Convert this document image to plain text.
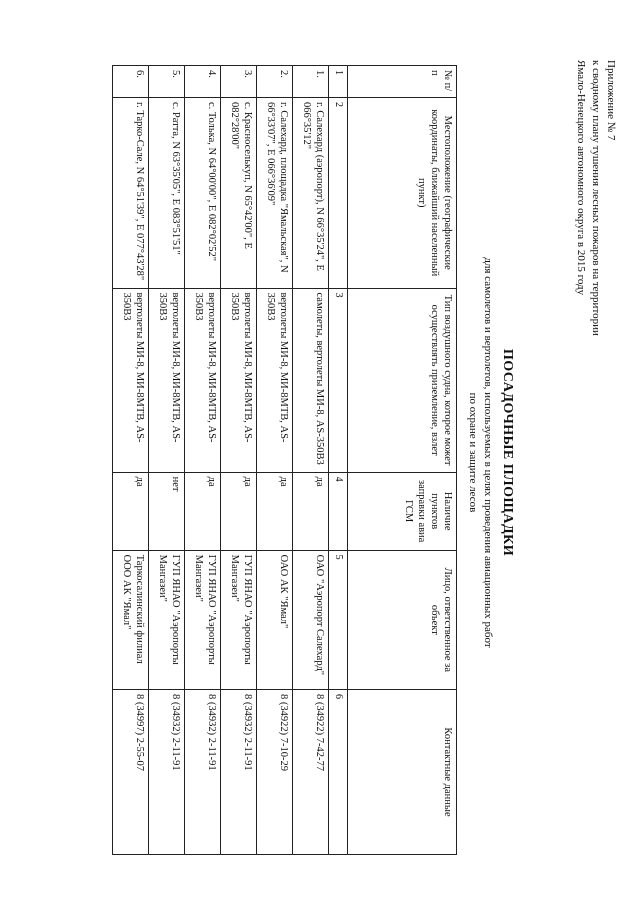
Приложение № 7
к сводному плану тушения лесных пожаров на территории
Ямало-Ненецкого автономного округа в 2015 году
ПОСАДОЧНЫЕ ПЛОЩАДКИ
для самолетов и вертолетов, используемых в целях проведения авиационных работ
по охране и защите лесов
№ п/п	Местоположение (географические координаты, ближайший населенный пункт)	Тип воздушного судна, которое может осуществлять приземление, взлет	Наличие пунктов заправки авиа ГСМ	Лицо, ответственное за объект	Контактные данные
1	2	3	4	5	6
1.	г. Салехард (аэропорт), N 66°35'24", E 066°35'12"	самолеты, вертолеты МИ-8, AS-350B3	да	ОАО "Аэропорт Салехард"	8 (34922) 7-42-77
2.	г. Салехард, площадка "Ямальская", N 66°33'07", E 066°36'09"	вертолеты МИ-8, МИ-8МТВ, AS-350B3	да	ОАО АК "Ямал"	8 (34922) 7-10-29
3.	с. Красноселькуп, N 65°42'00", E 082°28'00"	вертолеты МИ-8, МИ-8МТВ, AS-350B3	да	ГУП ЯНАО "Аэропорты Мангазеи"	8 (34932) 2-11-91
4.	с. Толька, N 64°00'00", E 082°02'52"	вертолеты МИ-8, МИ-8МТВ, AS-350B3	да	ГУП ЯНАО "Аэропорты Мангазеи"	8 (34932) 2-11-91
5.	с. Ратта, N 63°35'05", E 083°51'51"	вертолеты МИ-8, МИ-8МТВ, AS-350B3	нет	ГУП ЯНАО "Аэропорты Мангазеи"	8 (34932) 2-11-91
6.	г. Тарко-Сале, N 64°51'39", E 077°43'28"	вертолеты МИ-8, МИ-8МТВ, AS-350B3	да	Таркосалинский филиал ООО АК "Ямал"	8 (34997) 2-55-07
